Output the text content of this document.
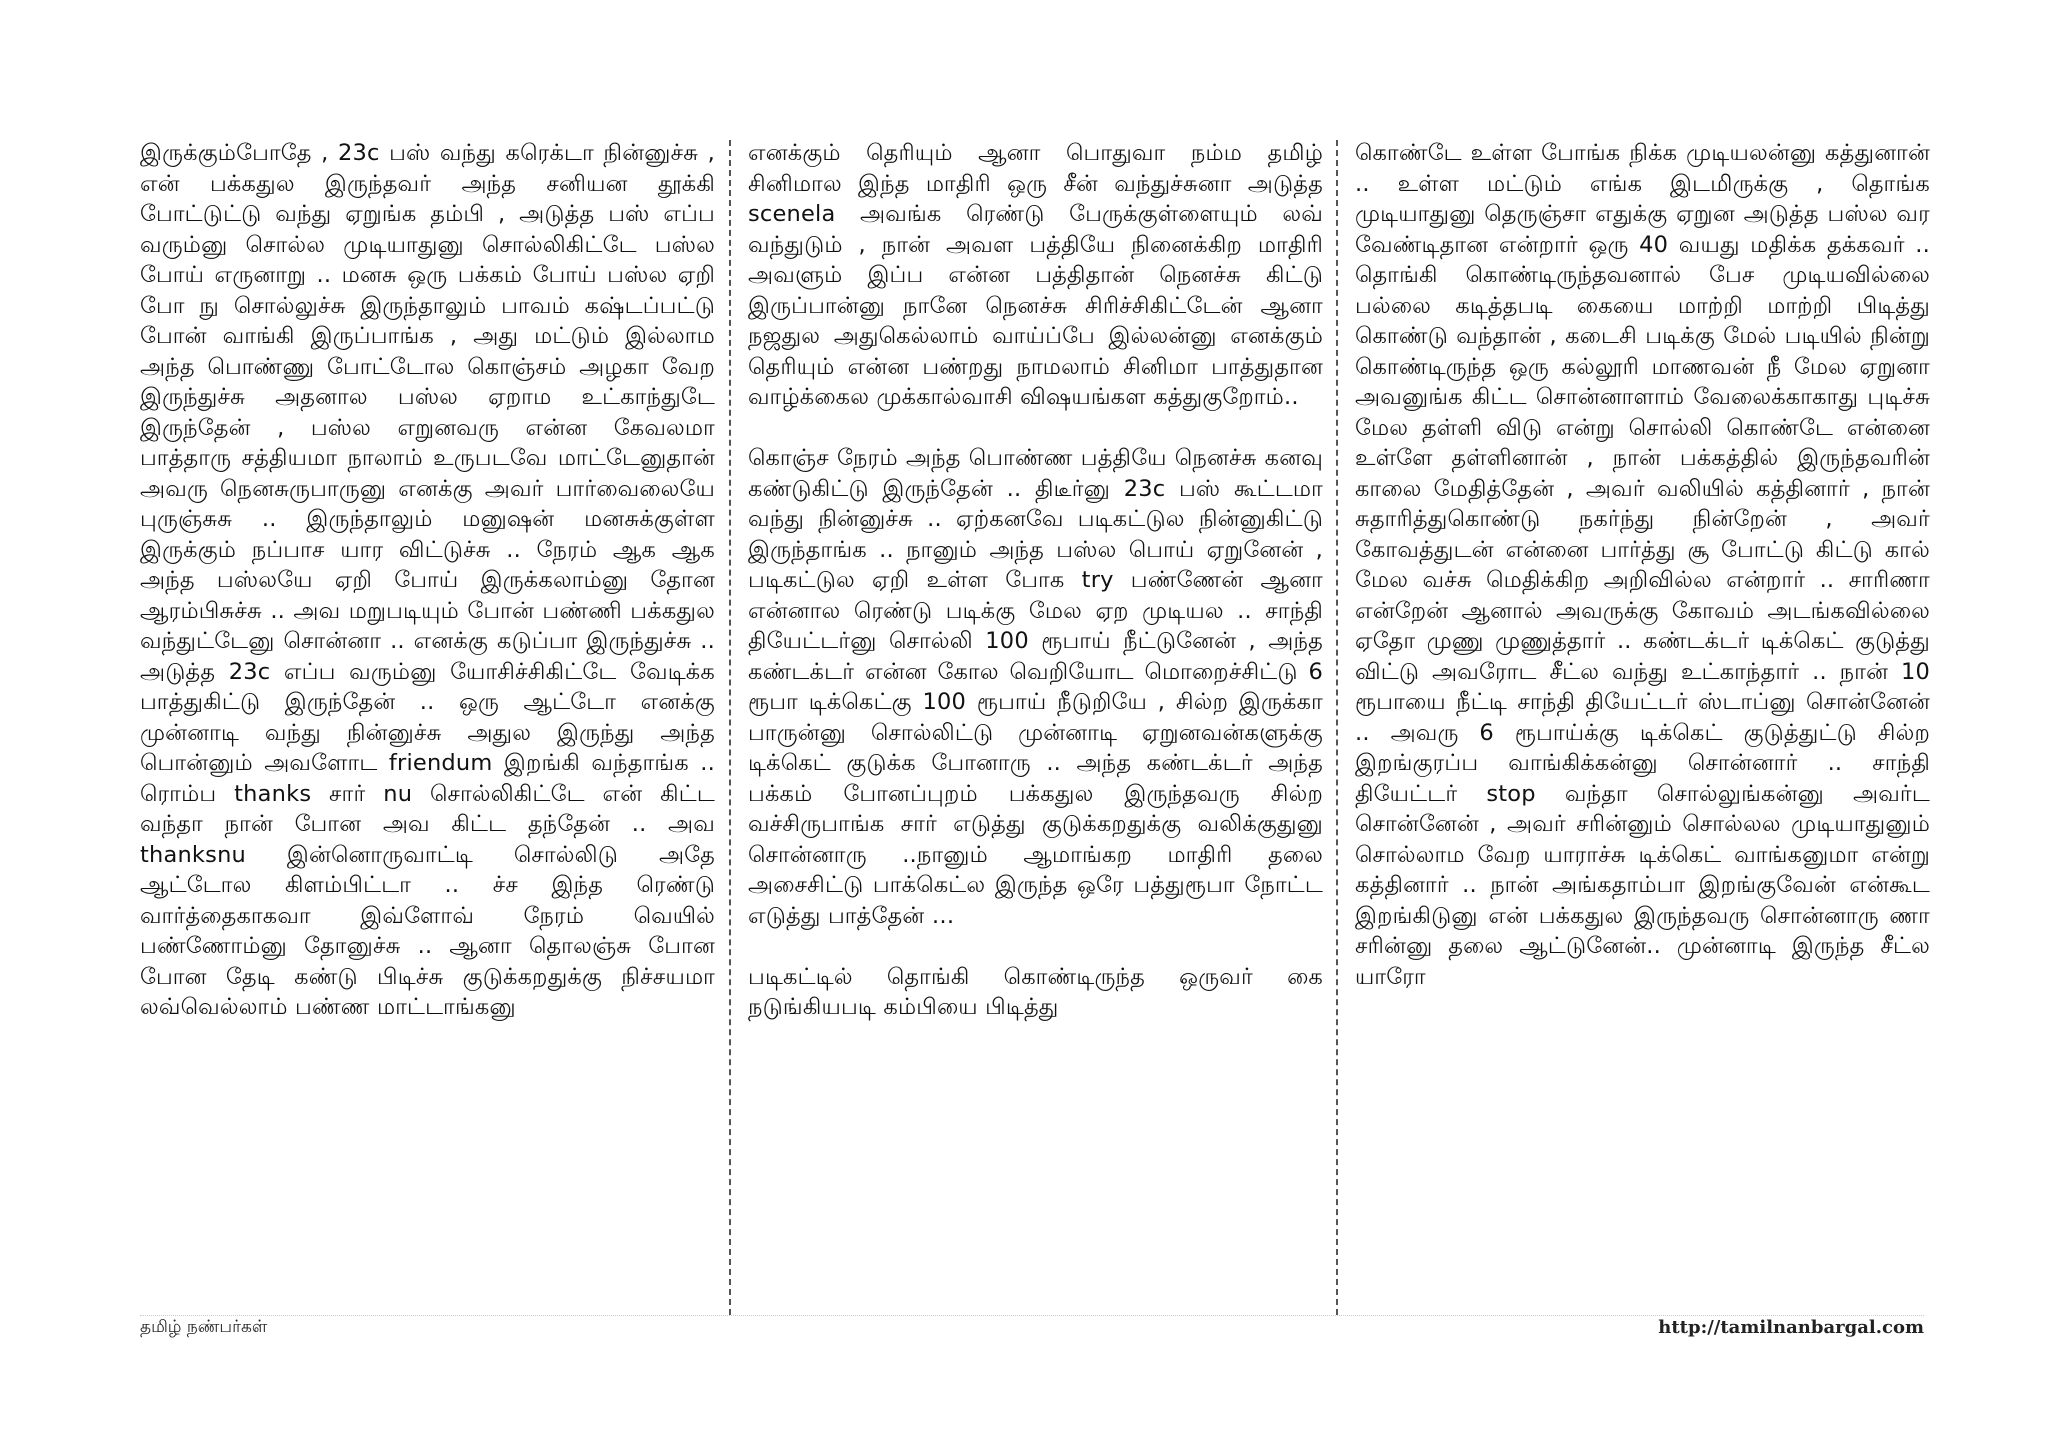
இருக்கும்போதே , 23c பஸ் வந்து கரெக்டா நின்னுச்சு , என் பக்கதுல இருந்தவர் அந்த சனியன தூக்கி போட்டுட்டு வந்து ஏறுங்க தம்பி , அடுத்த பஸ் எப்ப வரும்னு சொல்ல முடியாதுனு சொல்லிகிட்டே பஸ்ல போய் எருனாறு .. மனசு ஒரு பக்கம் போய் பஸ்ல ஏறி போ நு சொல்லுச்சு இருந்தாலும் பாவம் கஷ்டப்பட்டு போன் வாங்கி இருப்பாங்க , அது மட்டும் இல்லாம அந்த பொண்ணு போட்டோல கொஞ்சம் அழகா வேற இருந்துச்சு அதனால பஸ்ல ஏறாம உட்காந்துடே இருந்தேன் , பஸ்ல எறுனவரு என்ன கேவலமா பாத்தாரு சத்தியமா நாலாம் உருபடவே மாட்டேனுதான் அவரு நெனசுருபாருனு எனக்கு அவர் பார்வைலையே புருஞ்சுசு .. இருந்தாலும் மனுஷன் மனசுக்குள்ள இருக்கும் நப்பாச யார விட்டுச்சு .. நேரம் ஆக ஆக அந்த பஸ்லயே ஏறி போய் இருக்கலாம்னு தோன ஆரம்பிசுச்சு .. அவ மறுபடியும் போன் பண்ணி பக்கதுல வந்துட்டேனு சொன்னா .. எனக்கு கடுப்பா இருந்துச்சு .. அடுத்த 23c எப்ப வரும்னு யோசிச்சிகிட்டே வேடிக்க பாத்துகிட்டு இருந்தேன் .. ஒரு ஆட்டோ எனக்கு முன்னாடி வந்து நின்னுச்சு அதுல இருந்து அந்த பொன்னும் அவளோட friendum இறங்கி வந்தாங்க .. ரொம்ப thanks சார் nu சொல்லிகிட்டே என் கிட்ட வந்தா நான் போன அவ கிட்ட தந்தேன் .. அவ thanksnu இன்னொருவாட்டி சொல்லிடு அதே ஆட்டோல கிளம்பிட்டா .. ச்ச இந்த ரெண்டு வார்த்தைகாகவா இவ்ளோவ் நேரம் வெயில் பண்ணோம்னு தோனுச்சு .. ஆனா தொலஞ்சு போன போன தேடி கண்டு பிடிச்சு குடுக்கறதுக்கு நிச்சயமா லவ்வெல்லாம் பண்ண மாட்டாங்கனு

எனக்கும் தெரியும் ஆனா பொதுவா நம்ம தமிழ் சினிமால இந்த மாதிரி ஒரு சீன் வந்துச்சுனா அடுத்த scenela அவங்க ரெண்டு பேருக்குள்ளையும் லவ் வந்துடும் , நான் அவள பத்தியே நினைக்கிற மாதிரி அவளும் இப்ப என்ன பத்திதான் நெனச்சு கிட்டு இருப்பான்னு நானே நெனச்சு சிரிச்சிகிட்டேன் ஆனா நஜதுல அதுகெல்லாம் வாய்ப்பே இல்லன்னு எனக்கும் தெரியும் என்ன பண்றது நாமலாம் சினிமா பாத்துதான வாழ்க்கைல முக்கால்வாசி விஷயங்கள கத்துகுறோம்..

கொஞ்ச நேரம் அந்த பொண்ண பத்தியே நெனச்சு கனவு கண்டுகிட்டு இருந்தேன் .. திடீர்னு 23c பஸ் கூட்டமா வந்து நின்னுச்சு .. ஏற்கனவே படிகட்டுல நின்னுகிட்டு இருந்தாங்க .. நானும் அந்த பஸ்ல பொய் ஏறுனேன் , படிகட்டுல ஏறி உள்ள போக try பண்ணேன் ஆனா என்னால ரெண்டு படிக்கு மேல ஏற முடியல .. சாந்தி தியேட்டர்னு சொல்லி 100 ரூபாய் நீட்டுனேன் , அந்த கண்டக்டர் என்ன கோல வெறியோட மொறைச்சிட்டு 6 ரூபா டிக்கெட்கு 100 ரூபாய் நீடுறியே , சில்ற இருக்கா பாருன்னு சொல்லிட்டு முன்னாடி ஏறுனவன்களுக்கு டிக்கெட் குடுக்க போனாரு .. அந்த கண்டக்டர் அந்த பக்கம் போனப்புறம் பக்கதுல இருந்தவரு சில்ற வச்சிருபாங்க சார் எடுத்து குடுக்கறதுக்கு வலிக்குதுனு சொன்னாரு ..நானும் ஆமாங்கற மாதிரி தலை அசைசிட்டு பாக்கெட்ல இருந்த ஒரே பத்துரூபா நோட்ட எடுத்து பாத்தேன் …

படிகட்டில் தொங்கி கொண்டிருந்த ஒருவர் கை நடுங்கியபடி கம்பியை பிடித்து

கொண்டே உள்ள போங்க நிக்க முடியலன்னு கத்துனான் .. உள்ள மட்டும் எங்க இடமிருக்கு , தொங்க முடியாதுனு தெருஞ்சா எதுக்கு ஏறுன அடுத்த பஸ்ல வர வேண்டிதான என்றார் ஒரு 40 வயது மதிக்க தக்கவர் .. தொங்கி கொண்டிருந்தவனால் பேச முடியவில்லை பல்லை கடித்தபடி கையை மாற்றி மாற்றி பிடித்து கொண்டு வந்தான் , கடைசி படிக்கு மேல் படியில் நின்று கொண்டிருந்த ஒரு கல்லூரி மாணவன் நீ மேல ஏறுனா அவனுங்க கிட்ட சொன்னாளாம் வேலைக்காகாது புடிச்சு மேல தள்ளி விடு என்று சொல்லி கொண்டே என்னை உள்ளே தள்ளினான் , நான் பக்கத்தில் இருந்தவரின் காலை மேதித்தேன் , அவர் வலியில் கத்தினார் , நான் சுதாரித்துகொண்டு நகர்ந்து நின்றேன் , அவர் கோவத்துடன் என்னை பார்த்து சூ போட்டு கிட்டு கால் மேல வச்சு மெதிக்கிற அறிவில்ல என்றார் .. சாரிணா என்றேன் ஆனால் அவருக்கு கோவம் அடங்கவில்லை ஏதோ முணு முணுத்தார் .. கண்டக்டர் டிக்கெட் குடுத்து விட்டு அவரோட சீட்ல வந்து உட்காந்தார் .. நான் 10 ரூபாயை நீட்டி சாந்தி தியேட்டர் ஸ்டாப்னு சொன்னேன் .. அவரு 6 ரூபாய்க்கு டிக்கெட் குடுத்துட்டு சில்ற இறங்குரப்ப வாங்கிக்கன்னு சொன்னார் .. சாந்தி தியேட்டர் stop வந்தா சொல்லுங்கன்னு அவர்ட சொன்னேன் , அவர் சரின்னும் சொல்லல முடியாதுனும் சொல்லாம வேற யாராச்சு டிக்கெட் வாங்கனுமா என்று கத்தினார் .. நான் அங்கதாம்பா இறங்குவேன் என்கூட இறங்கிடுனு என் பக்கதுல இருந்தவரு சொன்னாரு ணா சரின்னு தலை ஆட்டுனேன்.. முன்னாடி இருந்த சீட்ல யாரோ

தமிழ் நண்பர்கள்	http://tamilnanbargal.com
